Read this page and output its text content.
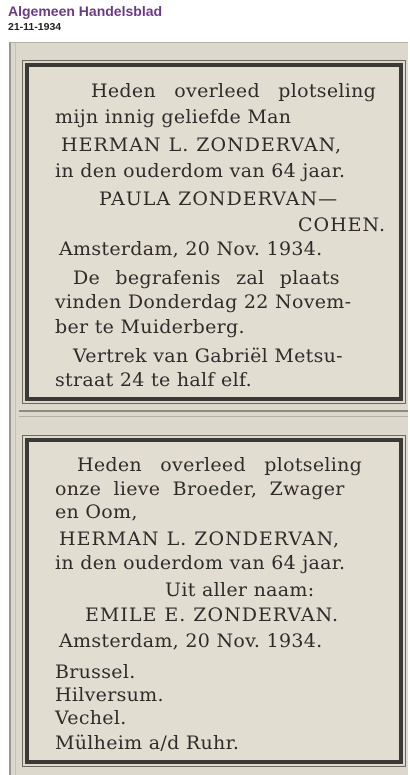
Algemeen Handelsblad
21-11-1934
Heden overleed plotseling
mijn innig geliefde Man
HERMAN L. ZONDERVAN,
in den ouderdom van 64 jaar.
PAULA ZONDERVAN—
COHEN.
Amsterdam, 20 Nov. 1934.
De begrafenis zal plaats
vinden Donderdag 22 Novem-
ber te Muiderberg.
Vertrek van Gabriël Metsu-
straat 24 te half elf.
Heden overleed plotseling
onze lieve Broeder, Zwager
en Oom,
HERMAN L. ZONDERVAN,
in den ouderdom van 64 jaar.
Uit aller naam:
EMILE E. ZONDERVAN.
Amsterdam, 20 Nov. 1934.
Brussel.
Hilversum.
Vechel.
Mülheim a/d Ruhr.
